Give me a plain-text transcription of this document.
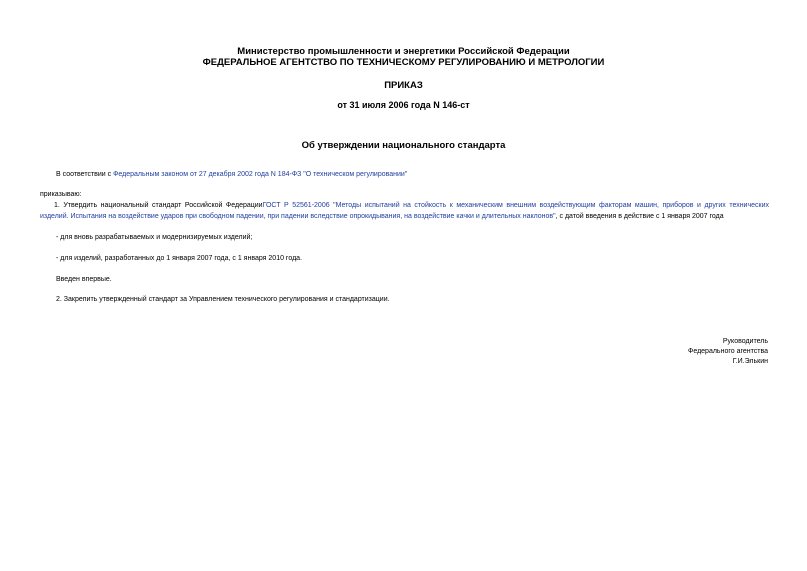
Министерство промышленности и энергетики Российской Федерации
ФЕДЕРАЛЬНОЕ АГЕНТСТВО ПО ТЕХНИЧЕСКОМУ РЕГУЛИРОВАНИЮ И МЕТРОЛОГИИ
ПРИКАЗ
от 31 июля 2006 года N 146-ст
Об утверждении национального стандарта
В соответствии с Федеральным законом от 27 декабря 2002 года N 184-ФЗ "О техническом регулировании"
приказываю:
1. Утвердить национальный стандарт Российской ФедерацииГОСТ Р 52561-2006 "Методы испытаний на стойкость к механическим внешним воздействующим факторам машин, приборов и других технических
изделий. Испытания на воздействие ударов при свободном падении, при падении вследствие опрокидывания, на воздействие качки и длительных наклонов", с датой введения в действие с 1 января 2007 года
- для вновь разрабатываемых и модернизируемых изделий;
- для изделий, разработанных до 1 января 2007 года, с 1 января 2010 года.
Введен впервые.
2. Закрепить утвержденный стандарт за Управлением технического регулирования и стандартизации.
Руководитель
Федерального агентства
Г.И.Элькин
